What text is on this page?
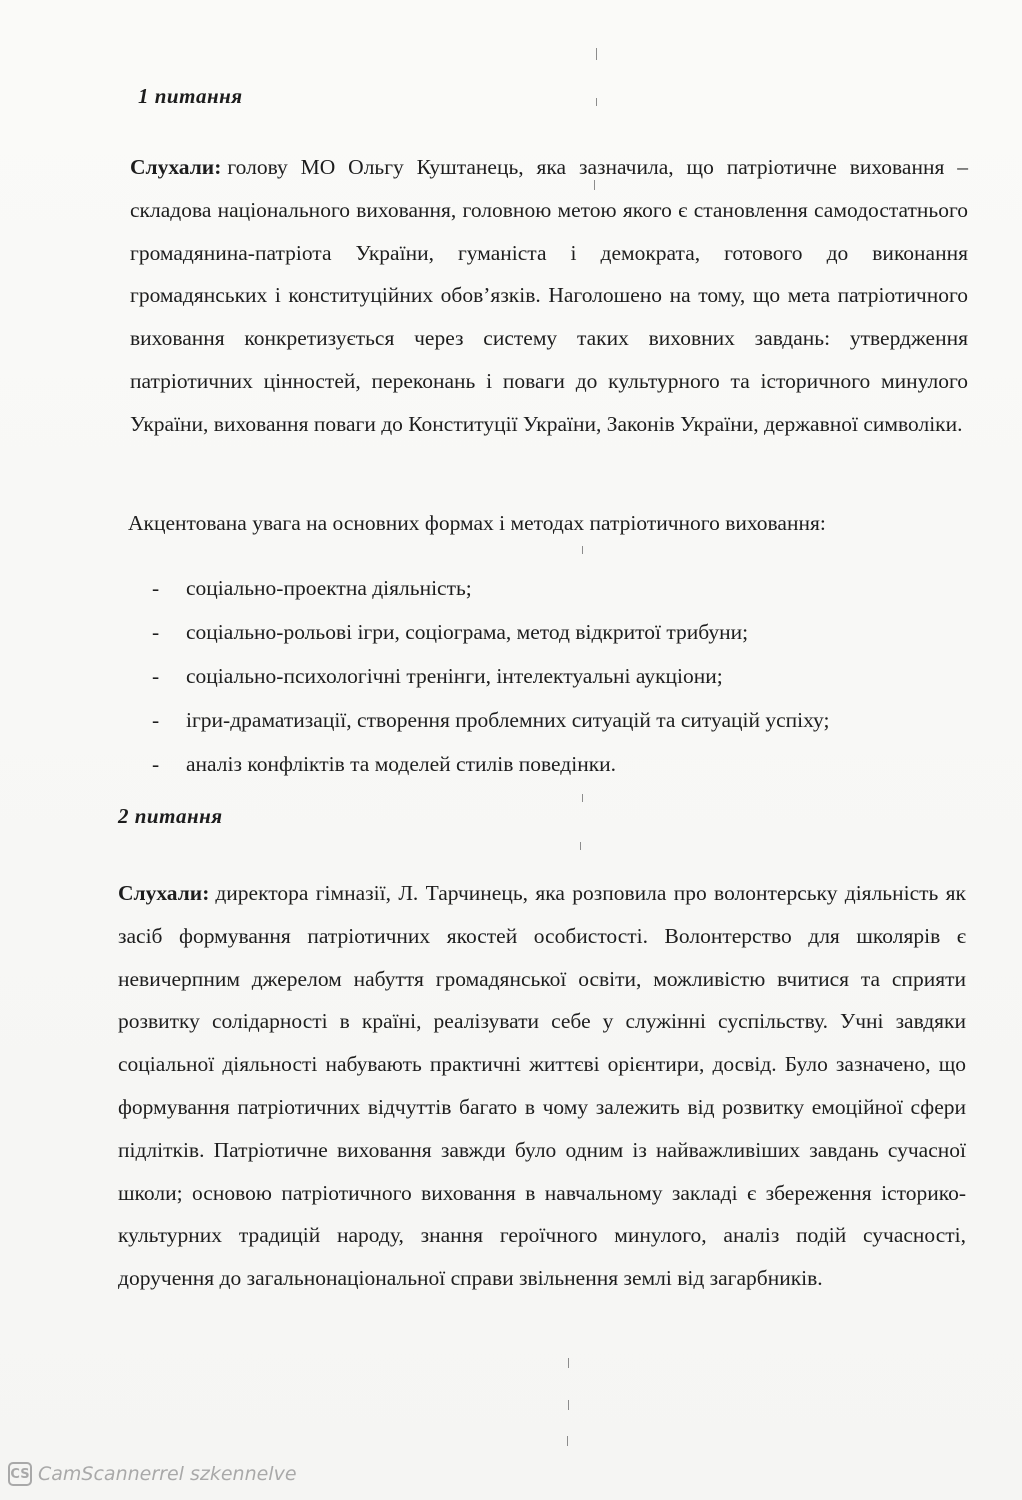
1 питання

Слухали: голову МО Ольгу Куштанець, яка зазначила, що патріотичне виховання – складова національного виховання, головною метою якого є становлення самодостатнього громадянина-патріота України, гуманіста і демократа, готового до виконання громадянських і конституційних обов’язків. Наголошено на тому, що мета патріотичного виховання конкретизується через систему таких виховних завдань: утвердження патріотичних цінностей, переконань і поваги до культурного та історичного минулого України, виховання поваги до Конституції України, Законів України, державної символіки.

Акцентована увага на основних формах і методах патріотичного виховання:

- соціально-проектна діяльність;
- соціально-рольові ігри, соціограма, метод відкритої трибуни;
- соціально-психологічні тренінги, інтелектуальні аукціони;
- ігри-драматизації, створення проблемних ситуацій та ситуацій успіху;
- аналіз конфліктів та моделей стилів поведінки.
2 питання

Слухали: директора гімназії, Л. Тарчинець, яка розповила про волонтерську діяльність як засіб формування патріотичних якостей особистості. Волонтерство для школярів є невичерпним джерелом набуття громадянської освіти, можливістю вчитися та сприяти розвитку солідарності в країні, реалізувати себе у служінні суспільству. Учні завдяки соціальної діяльності набувають практичні життєві орієнтири, досвід. Було зазначено, що формування патріотичних відчуттів багато в чому залежить від розвитку емоційної сфери підлітків. Патріотичне виховання завжди було одним із найважливіших завдань сучасної школи; основою патріотичного виховання в навчальному закладі є збереження історико-культурних традицій народу, знання героїчного минулого, аналіз подій сучасності, доручення до загальнонаціональної справи звільнення землі від загарбників.

CS CamScannerrel szkennelve
